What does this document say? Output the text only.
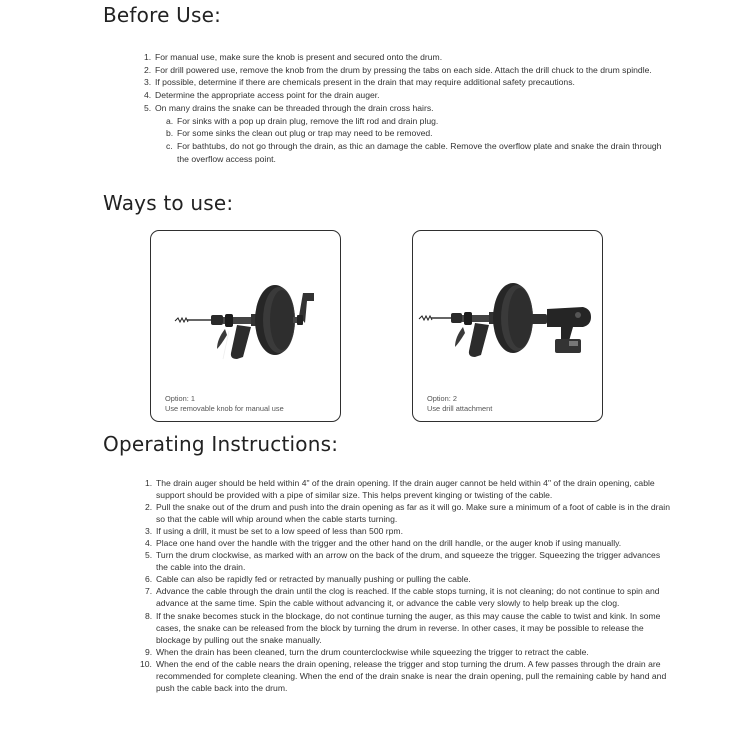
Before Use:
1. For manual use, make sure the knob is present and secured onto the drum.
2. For drill powered use, remove the knob from the drum by pressing the tabs on each side. Attach the drill chuck to the drum spindle.
3. If possible, determine if there are chemicals present in the drain that may require additional safety precautions.
4. Determine the appropriate access point for the drain auger.
5. On many drains the snake can be threaded through the drain cross hairs.
a. For sinks with a pop up drain plug, remove the lift rod and drain plug.
b. For some sinks the clean out plug or trap may need to be removed.
c. For bathtubs, do not go through the drain, as thic an damage the cable. Remove the overflow plate and snake the drain through the overflow access point.
Ways to use:
Option: 1
Use removable knob for manual use
Option: 2
Use drill attachment
Operating Instructions:
1. The drain auger should be held within 4" of the drain opening. If the drain auger cannot be held within 4" of the drain opening, cable support should be provided with a pipe of similar size. This helps prevent kinging or twisting of the cable.
2. Pull the snake out of the drum and push into the drain opening as far as it will go. Make sure a minimum of a foot of cable is in the drain so that the cable will whip around when the cable starts turning.
3. If using a drill, it must be set to a low speed of less than 500 rpm.
4. Place one hand over the handle with the trigger and the other hand on the drill handle, or the auger knob if using manually.
5. Turn the drum clockwise, as marked with an arrow on the back of the drum, and squeeze the trigger. Squeezing the trigger advances the cable into the drain.
6. Cable can also be rapidly fed or retracted by manually pushing or pulling the cable.
7. Advance the cable through the drain until the clog is reached. If the cable stops turning, it is not cleaning; do not continue to spin and advance at the same time. Spin the cable without advancing it, or advance the cable very slowly to help break up the clog.
8. If the snake becomes stuck in the blockage, do not continue turning the auger, as this may cause the cable to twist and kink. In some cases, the snake can be released from the block by turning the drum in reverse. In other cases, it may be possible to release the blockage by pulling out the snake manually.
9. When the drain has been cleaned, turn the drum counterclockwise while squeezing the trigger to retract the cable.
10. When the end of the cable nears the drain opening, release the trigger and stop turning the drum. A few passes through the drain are recommended for complete cleaning. When the end of the drain snake is near the drain opening, pull the remaining cable by hand and push the cable back into the drum.
